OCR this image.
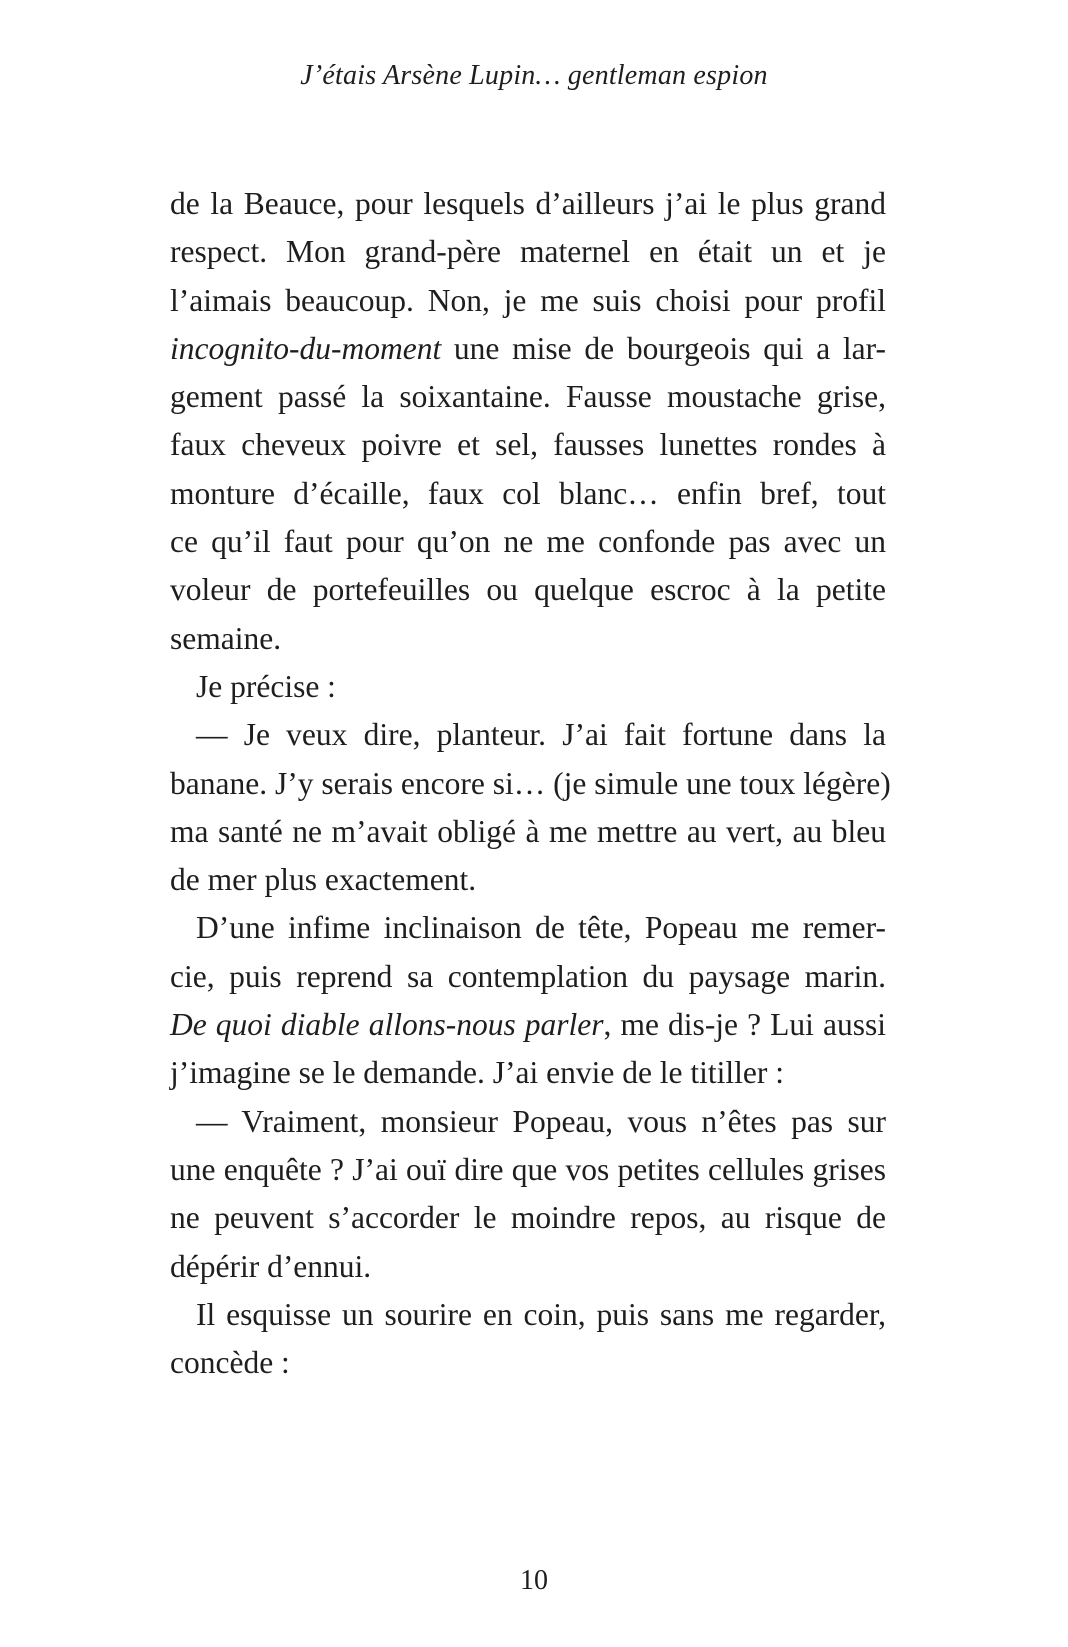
J’étais Arsène Lupin… gentleman espion
de la Beauce, pour lesquels d’ailleurs j’ai le plus grand
respect. Mon grand-père maternel en était un et je
l’aimais beaucoup. Non, je me suis choisi pour profil
incognito-du-moment une mise de bourgeois qui a lar-
gement passé la soixantaine. Fausse moustache grise,
faux cheveux poivre et sel, fausses lunettes rondes à
monture d’écaille, faux col blanc… enfin bref, tout
ce qu’il faut pour qu’on ne me confonde pas avec un
voleur de portefeuilles ou quelque escroc à la petite
semaine.
Je précise :
— Je veux dire, planteur. J’ai fait fortune dans la
banane. J’y serais encore si… (je simule une toux légère)
ma santé ne m’avait obligé à me mettre au vert, au bleu
de mer plus exactement.
D’une infime inclinaison de tête, Popeau me remer-
cie, puis reprend sa contemplation du paysage marin.
De quoi diable allons-nous parler, me dis-je ? Lui aussi
j’imagine se le demande. J’ai envie de le titiller :
— Vraiment, monsieur Popeau, vous n’êtes pas sur
une enquête ? J’ai ouï dire que vos petites cellules grises
ne peuvent s’accorder le moindre repos, au risque de
dépérir d’ennui.
Il esquisse un sourire en coin, puis sans me regarder,
concède :
10
